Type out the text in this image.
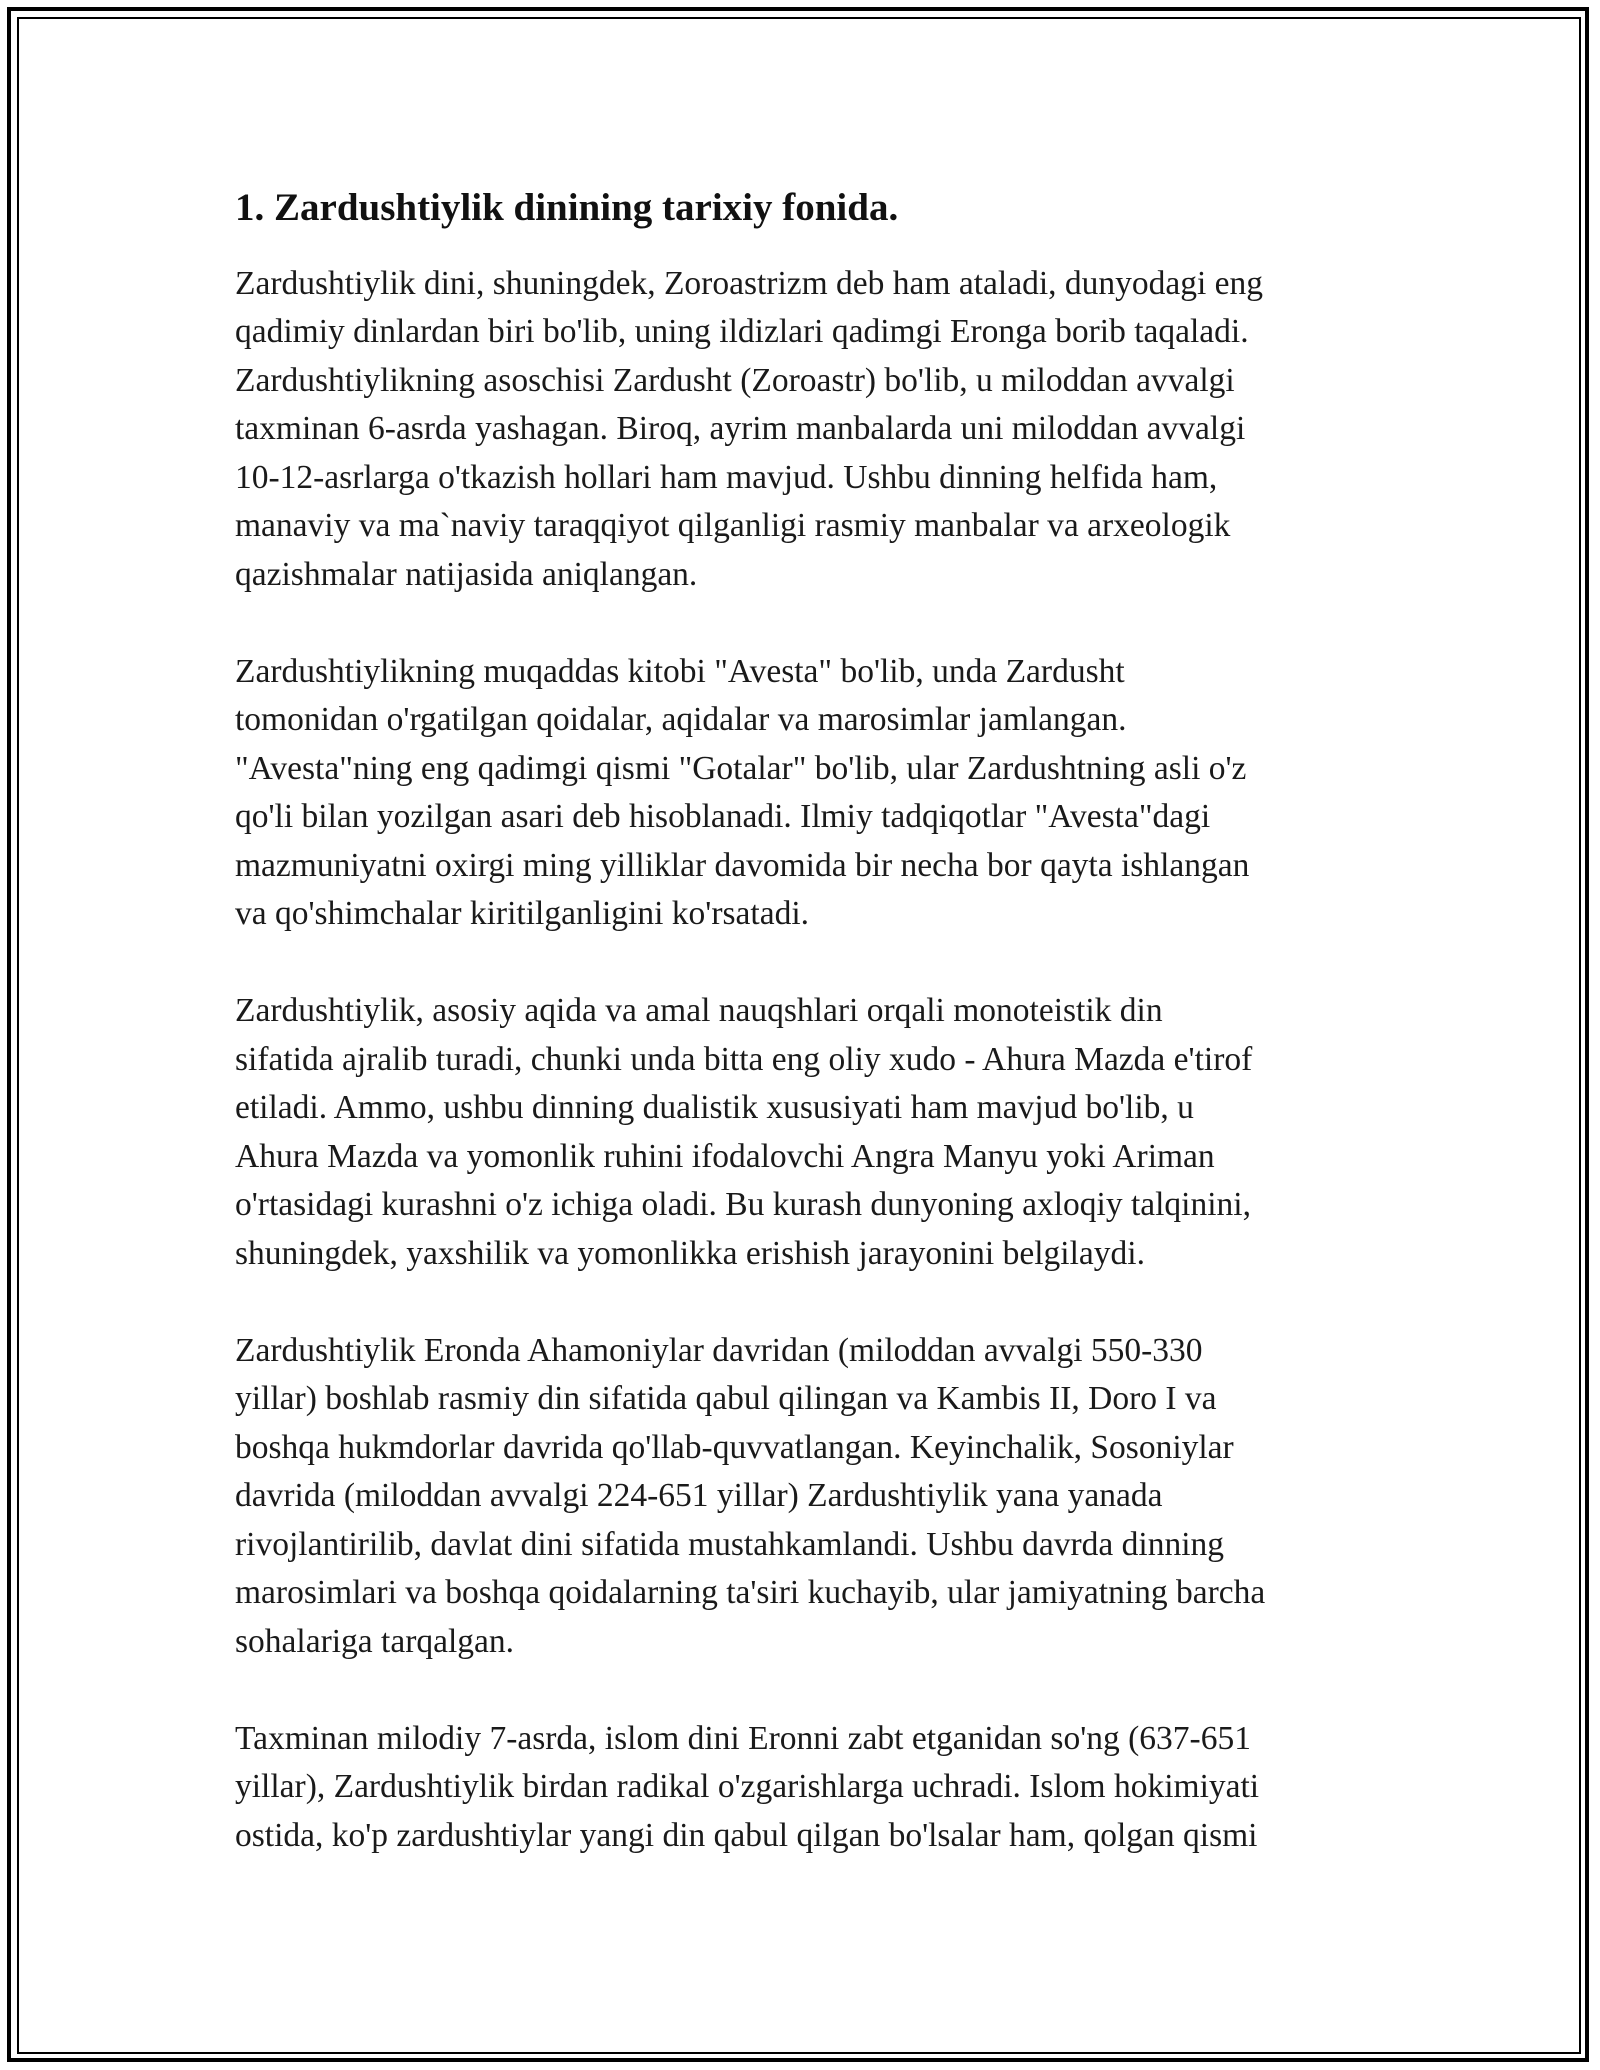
1. Zardushtiylik dinining tarixiy fonida.

Zardushtiylik dini, shuningdek, Zoroastrizm deb ham ataladi, dunyodagi eng
qadimiy dinlardan biri bo'lib, uning ildizlari qadimgi Eronga borib taqaladi.
Zardushtiylikning asoschisi Zardusht (Zoroastr) bo'lib, u miloddan avvalgi
taxminan 6-asrda yashagan. Biroq, ayrim manbalarda uni miloddan avvalgi
10-12-asrlarga o'tkazish hollari ham mavjud. Ushbu dinning helfida ham,
manaviy va ma`naviy taraqqiyot qilganligi rasmiy manbalar va arxeologik
qazishmalar natijasida aniqlangan.

Zardushtiylikning muqaddas kitobi "Avesta" bo'lib, unda Zardusht
tomonidan o'rgatilgan qoidalar, aqidalar va marosimlar jamlangan.
"Avesta"ning eng qadimgi qismi "Gotalar" bo'lib, ular Zardushtning asli o'z
qo'li bilan yozilgan asari deb hisoblanadi. Ilmiy tadqiqotlar "Avesta"dagi
mazmuniyatni oxirgi ming yilliklar davomida bir necha bor qayta ishlangan
va qo'shimchalar kiritilganligini ko'rsatadi.

Zardushtiylik, asosiy aqida va amal nauqshlari orqali monoteistik din
sifatida ajralib turadi, chunki unda bitta eng oliy xudo - Ahura Mazda e'tirof
etiladi. Ammo, ushbu dinning dualistik xususiyati ham mavjud bo'lib, u
Ahura Mazda va yomonlik ruhini ifodalovchi Angra Manyu yoki Ariman
o'rtasidagi kurashni o'z ichiga oladi. Bu kurash dunyoning axloqiy talqinini,
shuningdek, yaxshilik va yomonlikka erishish jarayonini belgilaydi.

Zardushtiylik Eronda Ahamoniylar davridan (miloddan avvalgi 550-330
yillar) boshlab rasmiy din sifatida qabul qilingan va Kambis II, Doro I va
boshqa hukmdorlar davrida qo'llab-quvvatlangan. Keyinchalik, Sosoniylar
davrida (miloddan avvalgi 224-651 yillar) Zardushtiylik yana yanada
rivojlantirilib, davlat dini sifatida mustahkamlandi. Ushbu davrda dinning
marosimlari va boshqa qoidalarning ta'siri kuchayib, ular jamiyatning barcha
sohalariga tarqalgan.

Taxminan milodiy 7-asrda, islom dini Eronni zabt etganidan so'ng (637-651
yillar), Zardushtiylik birdan radikal o'zgarishlarga uchradi. Islom hokimiyati
ostida, ko'p zardushtiylar yangi din qabul qilgan bo'lsalar ham, qolgan qismi
